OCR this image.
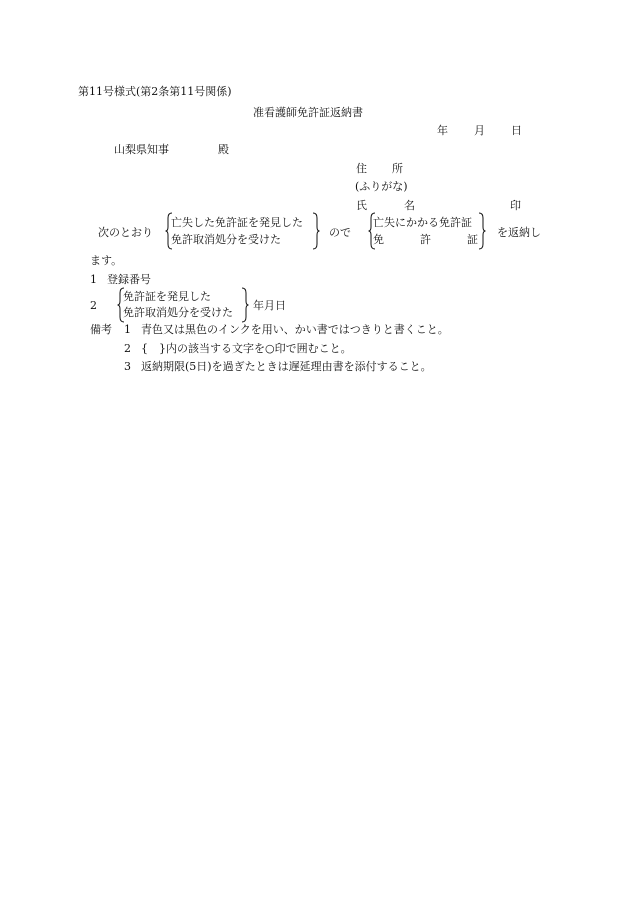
第11号様式(第2条第11号関係)
准看護師免許証返納書
年 月 日
山梨県知事	殿
住 所
(ふりがな)
氏	名	印
次のとおり
亡失した免許証を発見した
免許取消処分を受けた
ので
亡失にかかる免許証
免	許	証
を返納し
ます。
1 登録番号
2
免許証を発見した
免許取消処分を受けた
年月日
備考 1 青色又は黒色のインクを用い、かい書ではつきりと書くこと。
2 {　}内の該当する文字を○印で囲むこと。
3 返納期限(5日)を過ぎたときは遅延理由書を添付すること。
